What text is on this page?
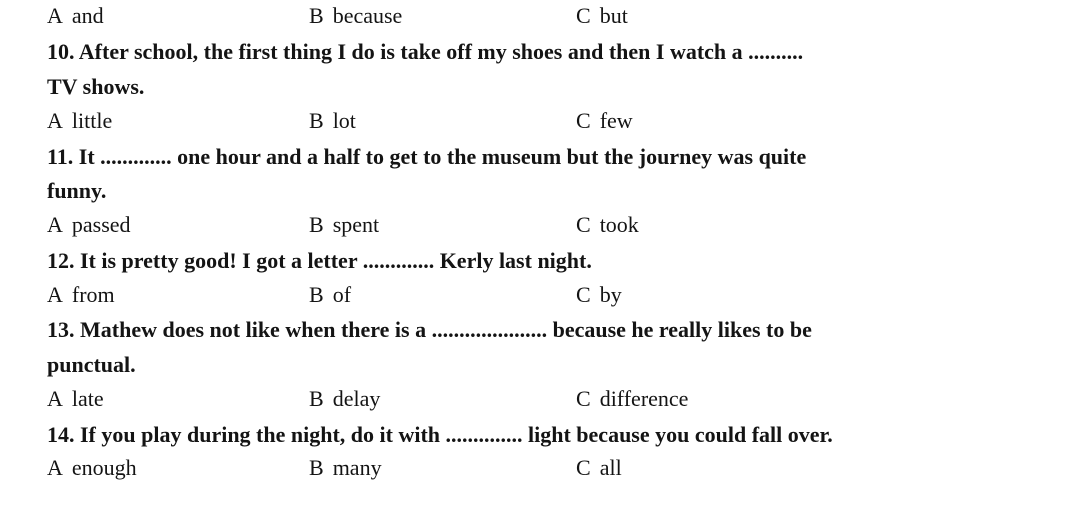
A and	B because	C but
10. After school, the first thing I do is take off my shoes and then I watch a ..........
TV shows.
A little	B lot	C few
11. It ............. one hour and a half to get to the museum but the journey was quite
funny.
A passed	B spent	C took
12. It is pretty good! I got a letter ............. Kerly last night.
A from	B of	C by
13. Mathew does not like when there is a ..................... because he really likes to be
punctual.
A late	B delay	C difference
14. If you play during the night, do it with .............. light because you could fall over.
A enough	B many	C all
